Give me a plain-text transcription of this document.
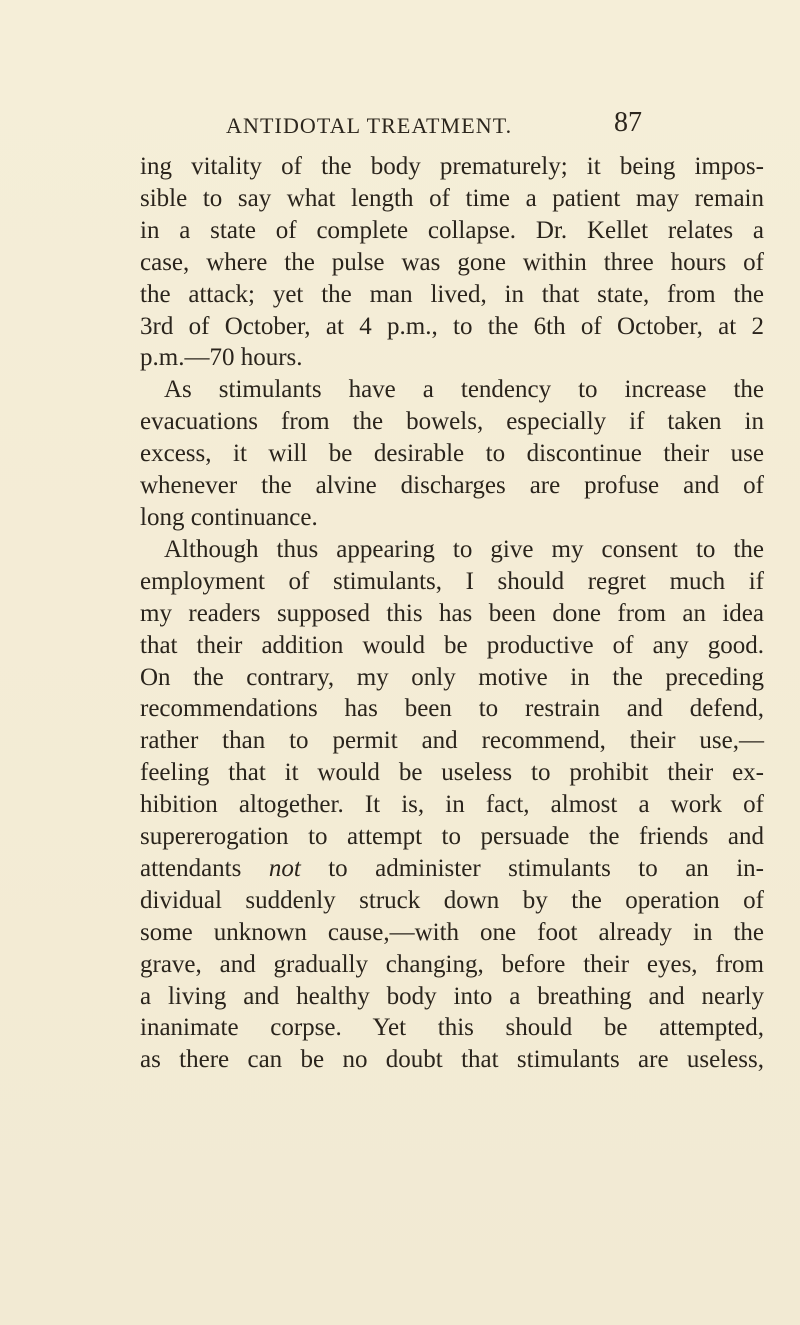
ANTIDOTAL TREATMENT.	87
ing vitality of the body prematurely; it being impos-
sible to say what length of time a patient may remain
in a state of complete collapse. Dr. Kellet relates a
case, where the pulse was gone within three hours of
the attack; yet the man lived, in that state, from the
3rd of October, at 4 p.m., to the 6th of October, at 2
p.m.—70 hours.
As stimulants have a tendency to increase the
evacuations from the bowels, especially if taken in
excess, it will be desirable to discontinue their use
whenever the alvine discharges are profuse and of
long continuance.
Although thus appearing to give my consent to the
employment of stimulants, I should regret much if
my readers supposed this has been done from an idea
that their addition would be productive of any good.
On the contrary, my only motive in the preceding
recommendations has been to restrain and defend,
rather than to permit and recommend, their use,—
feeling that it would be useless to prohibit their ex-
hibition altogether. It is, in fact, almost a work of
supererogation to attempt to persuade the friends and
attendants not to administer stimulants to an in-
dividual suddenly struck down by the operation of
some unknown cause,—with one foot already in the
grave, and gradually changing, before their eyes, from
a living and healthy body into a breathing and nearly
inanimate corpse. Yet this should be attempted,
as there can be no doubt that stimulants are useless,
